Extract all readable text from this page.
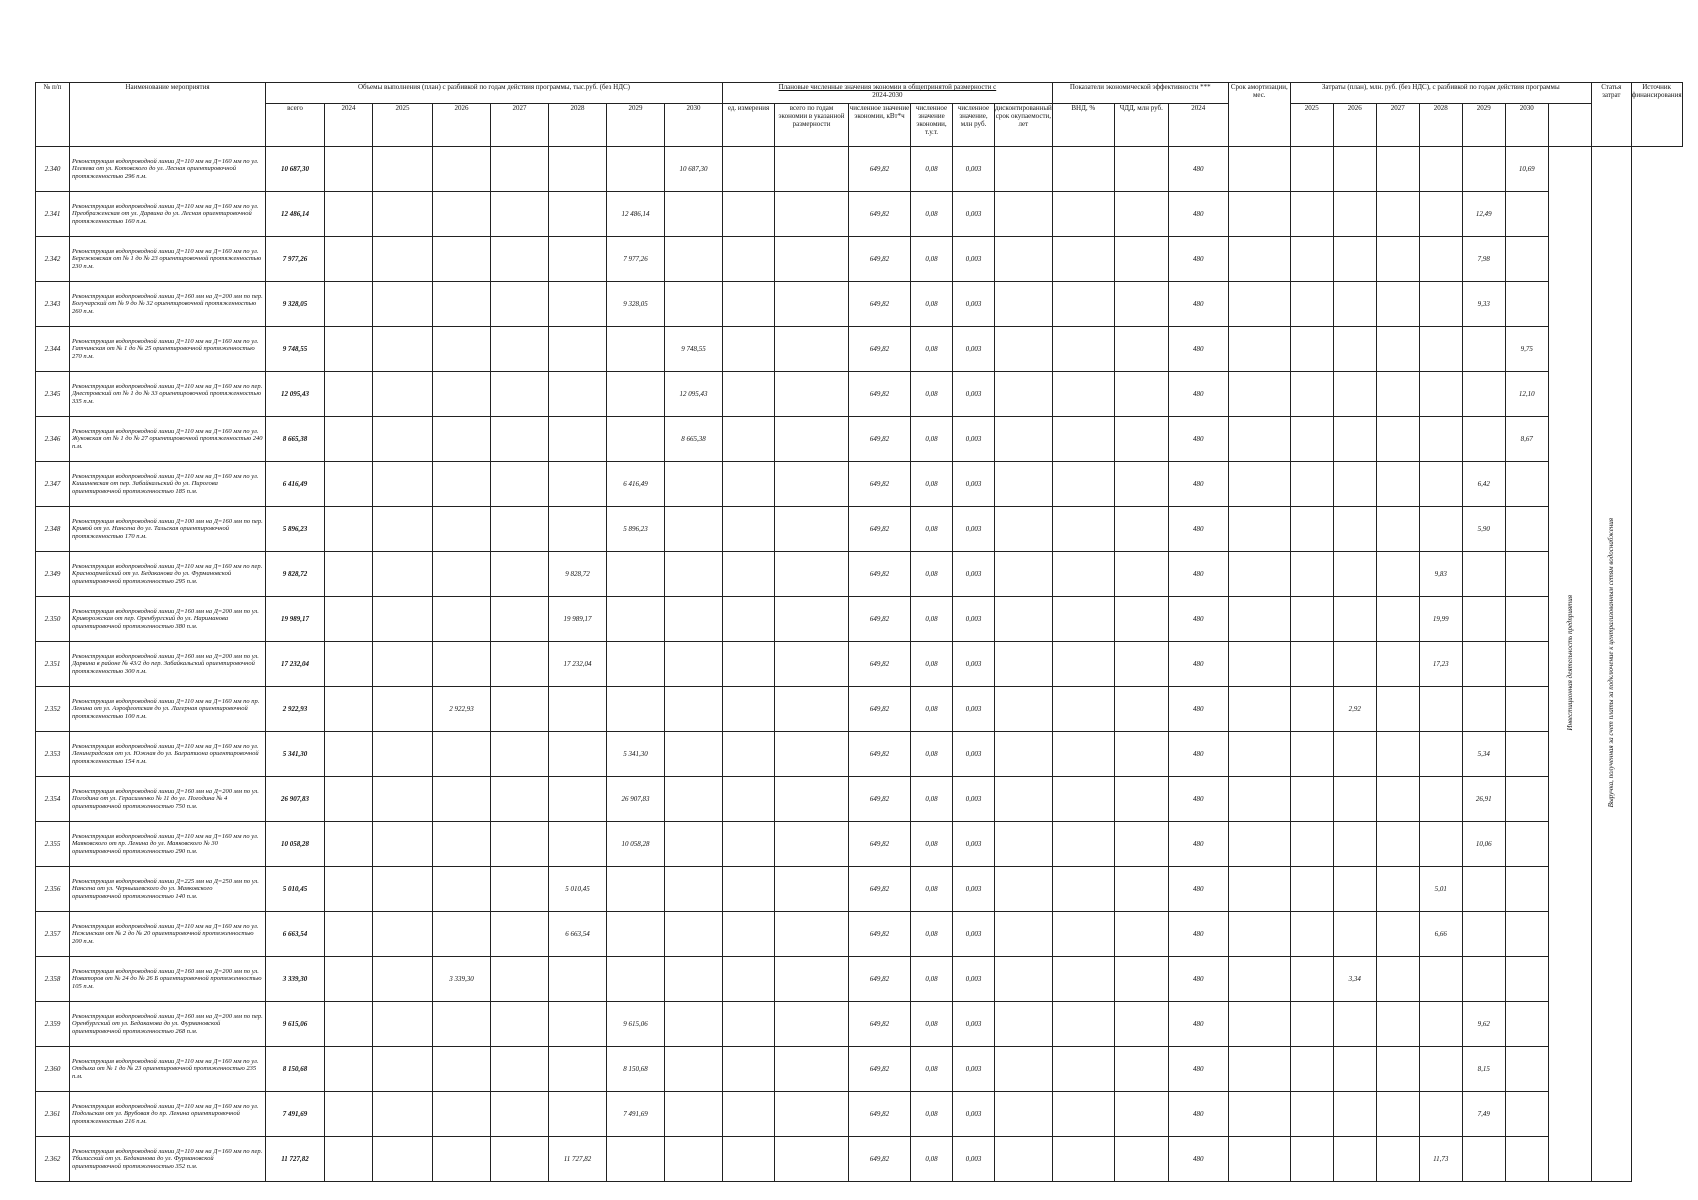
№ п/п	Наименование мероприятия	Объемы выполнения (план) с разбивкой по годам действия программы, тыс.руб. (без НДС)								Плановые численные значения экономии в общепринятой размерности с
2024-2030						Показатели экономической эффективности ***			Срок амортизации, мес.	Затраты (план), млн. руб. (без НДС), с разбивкой по годам действия программы							Статья затрат	Источник финансирования
		всего	2024	2025	2026	2027	2028	2029	2030	ед. измерения	всего по годам экономии в указанной размерности	численное значение экономии, кВт*ч	численное значение экономии, т.у.т.	численное значение, млн руб.	дисконтированный срок окупаемости, лет	ВНД, %	ЧДД, млн руб.	2024		2025	2026	2027	2028	2029	2030			
2.340	Реконструкция водопроводной линии Д=110 мм на Д=160 мм по ул. Плеяева от ул. Котовского до ул. Лесная ориентировочной протяженностью 296 п.м.	10 687,30							10 687,30			649,82	0,08	0,003				480							10,69	Инвестиционная деятельность предприятия	Выручка, полученная за счет платы за подключение к централизованным сетям водоснабжения	
2.341	Реконструкция водопроводной линии Д=110 мм на Д=160 мм по ул. Преображенская от ул. Дарвина до ул. Лесная ориентировочной протяженностью 160 п.м.	12 486,14						12 486,14				649,82	0,08	0,003				480						12,49				
2.342	Реконструкция водопроводной линии Д=110 мм на Д=160 мм по ул. Бережковская от № 1 до № 23 ориентировочной протяженностью 230 п.м.	7 977,26						7 977,26				649,82	0,08	0,003				480						7,98				
2.343	Реконструкция водопроводной линии Д=160 мм на Д=200 мм по пер. Богучарский от № 9 до № 32 ориентировочной протяженностью 260 п.м.	9 328,05						9 328,05				649,82	0,08	0,003				480						9,33				
2.344	Реконструкция водопроводной линии Д=110 мм на Д=160 мм по ул. Гатчинская от № 1 до № 25 ориентировочной протяженностью 270 п.м.	9 748,55							9 748,55			649,82	0,08	0,003				480							9,75			
2.345	Реконструкция водопроводной линии Д=110 мм на Д=160 мм по пер. Днестровский от № 1 до № 33 ориентировочной протяженностью 335 п.м.	12 095,43							12 095,43			649,82	0,08	0,003				480							12,10			
2.346	Реконструкция водопроводной линии Д=110 мм на Д=160 мм по ул. Жуковская от № 1 до № 27 ориентировочной протяженностью 240 п.м.	8 665,38							8 665,38			649,82	0,08	0,003				480							8,67			
2.347	Реконструкция водопроводной линии Д=110 мм на Д=160 мм по ул. Кишиневская от пер. Забайкальский до ул. Пирогова ориентировочной протяженностью 185 п.м.	6 416,49						6 416,49				649,82	0,08	0,003				480						6,42				
2.348	Реконструкция водопроводной линии Д=100 мм на Д=160 мм по пер. Кривой от ул. Нансена до ул. Тальская ориентировочной протяженностью 170 п.м.	5 896,23						5 896,23				649,82	0,08	0,003				480						5,90				
2.349	Реконструкция водопроводной линии Д=110 мм на Д=160 мм по пер. Красноармейский от ул. Бедаканова до ул. Фурмановской ориентировочной протяженностью 295 п.м.	9 828,72					9 828,72					649,82	0,08	0,003				480					9,83					
2.350	Реконструкция водопроводной линии Д=160 мм на Д=200 мм по ул. Криворожская от пер. Оренбургский до ул. Нариманова ориентировочной протяженностью 380 п.м.	19 989,17					19 989,17					649,82	0,08	0,003				480					19,99					
2.351	Реконструкция водопроводной линии Д=160 мм на Д=200 мм по ул. Дарвина в районе № 43/2 до пер. Забайкальский ориентировочной протяженностью 300 п.м.	17 232,04					17 232,04					649,82	0,08	0,003				480					17,23					
2.352	Реконструкция водопроводной линии Д=110 мм на Д=160 мм по пр. Ленина от ул. Аэрофлотская до ул. Лагерная ориентировочной протяженностью 100 п.м.	2 922,93			2 922,93							649,82	0,08	0,003				480			2,92							
2.353	Реконструкция водопроводной линии Д=110 мм на Д=160 мм по ул. Ленинградская от ул. Южная до ул. Багратиона ориентировочной протяженностью 154 п.м.	5 341,30						5 341,30				649,82	0,08	0,003				480						5,34				
2.354	Реконструкция водопроводной линии Д=160 мм на Д=200 мм по ул. Погодина от ул. Герасименко № 11 до ул. Погодина № 4 ориентировочной протяженностью 750 п.м.	26 907,83						26 907,83				649,82	0,08	0,003				480						26,91				
2.355	Реконструкция водопроводной линии Д=110 мм на Д=160 мм по ул. Маяковского от пр. Ленина до ул. Маяковского № 30 ориентировочной протяженностью 290 п.м.	10 058,28						10 058,28				649,82	0,08	0,003				480						10,06				
2.356	Реконструкция водопроводной линии Д=225 мм на Д=250 мм по ул. Нансена от ул. Чернышевского до ул. Маяковского ориентировочной протяженностью 140 п.м.	5 010,45					5 010,45					649,82	0,08	0,003				480					5,01					
2.357	Реконструкция водопроводной линии Д=110 мм на Д=160 мм по ул. Нежинская от № 2 до № 20 ориентировочной протяженностью 200 п.м.	6 663,54					6 663,54					649,82	0,08	0,003				480					6,66					
2.358	Реконструкция водопроводной линии Д=160 мм на Д=200 мм по ул. Новаторов от № 24 до № 26 Б ориентировочной протяженностью 105 п.м.	3 339,30			3 339,30							649,82	0,08	0,003				480			3,34							
2.359	Реконструкция водопроводной линии Д=160 мм на Д=200 мм по пер. Оренбургский от ул. Бедаканова до ул. Фурмановской ориентировочной протяженностью 268 п.м.	9 615,06						9 615,06				649,82	0,08	0,003				480						9,62				
2.360	Реконструкция водопроводной линии Д=110 мм на Д=160 мм по ул. Отдыха от № 1 до № 23 ориентировочной протяженностью 235 п.м.	8 150,68						8 150,68				649,82	0,08	0,003				480						8,15				
2.361	Реконструкция водопроводной линии Д=110 мм на Д=160 мм по ул. Подольская от ул. Врубовая до пр. Ленина ориентировочной протяженностью 216 п.м.	7 491,69						7 491,69				649,82	0,08	0,003				480						7,49				
2.362	Реконструкция водопроводной линии Д=110 мм на Д=160 мм по пер. Тбилисский от ул. Бедаканова до ул. Фурмановской ориентировочной протяженностью 352 п.м.	11 727,82					11 727,82					649,82	0,08	0,003				480					11,73					
